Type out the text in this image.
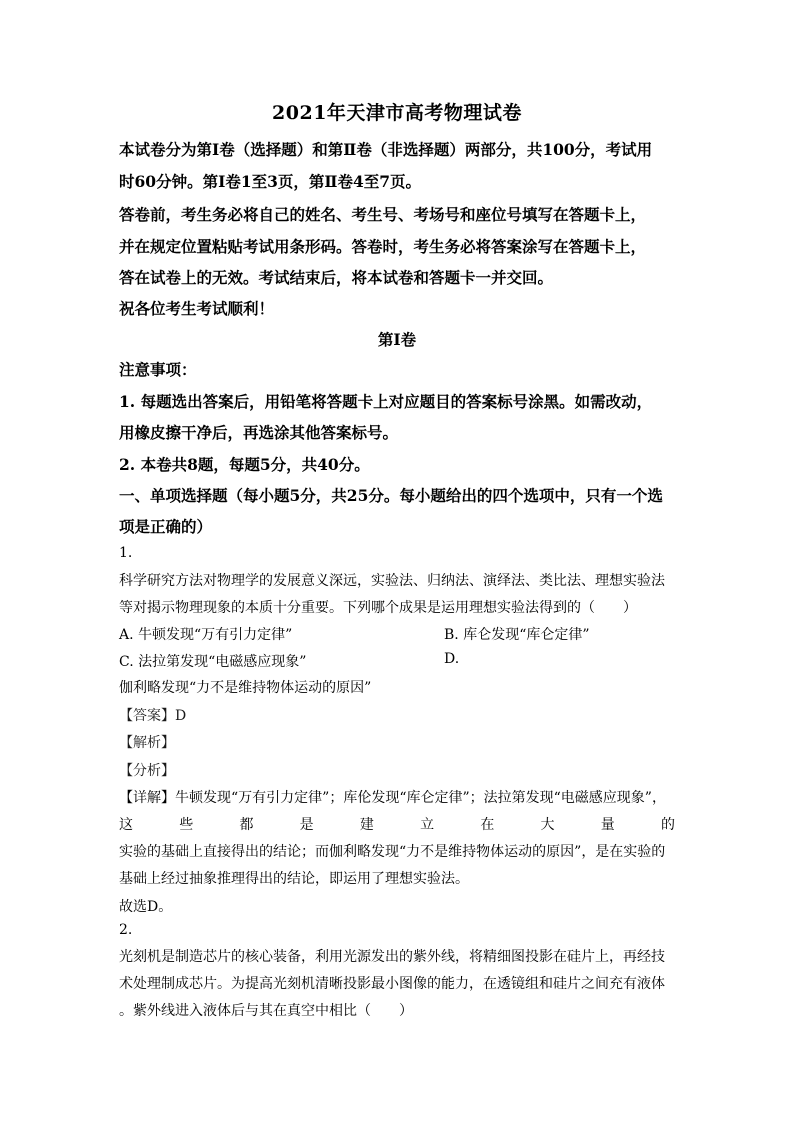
2021年天津市高考物理试卷
本试卷分为第Ⅰ卷（选择题）和第Ⅱ卷（非选择题）两部分，共100分，考试用
时60分钟。第Ⅰ卷1至3页，第Ⅱ卷4至7页。
答卷前，考生务必将自己的姓名、考生号、考场号和座位号填写在答题卡上，
并在规定位置粘贴考试用条形码。答卷时，考生务必将答案涂写在答题卡上，
答在试卷上的无效。考试结束后，将本试卷和答题卡一并交回。
祝各位考生考试顺利！
第Ⅰ卷
注意事项：
1. 每题选出答案后，用铅笔将答题卡上对应题目的答案标号涂黑。如需改动，
用橡皮擦干净后，再选涂其他答案标号。
2. 本卷共8题，每题5分，共40分。
一、单项选择题（每小题5分，共25分。每小题给出的四个选项中，只有一个选
项是正确的）
1.
科学研究方法对物理学的发展意义深远，实验法、归纳法、演绎法、类比法、理想实验法
等对揭示物理现象的本质十分重要。下列哪个成果是运用理想实验法得到的（　　）
A. 牛顿发现“万有引力定律”	B. 库仑发现“库仑定律”
C. 法拉第发现“电磁感应现象”	D.
伽利略发现“力不是维持物体运动的原因”
【答案】D
【解析】
【分析】
【详解】牛顿发现“万有引力定律”；库伦发现“库仑定律”；法拉第发现“电磁感应现象”，
这	些	都	是	建	立	在	大	量	的
实验的基础上直接得出的结论；而伽利略发现“力不是维持物体运动的原因”，是在实验的
基础上经过抽象推理得出的结论，即运用了理想实验法。
故选D。
2.
光刻机是制造芯片的核心装备，利用光源发出的紫外线，将精细图投影在硅片上，再经技
术处理制成芯片。为提高光刻机清晰投影最小图像的能力，在透镜组和硅片之间充有液体
。紫外线进入液体后与其在真空中相比（　　）
